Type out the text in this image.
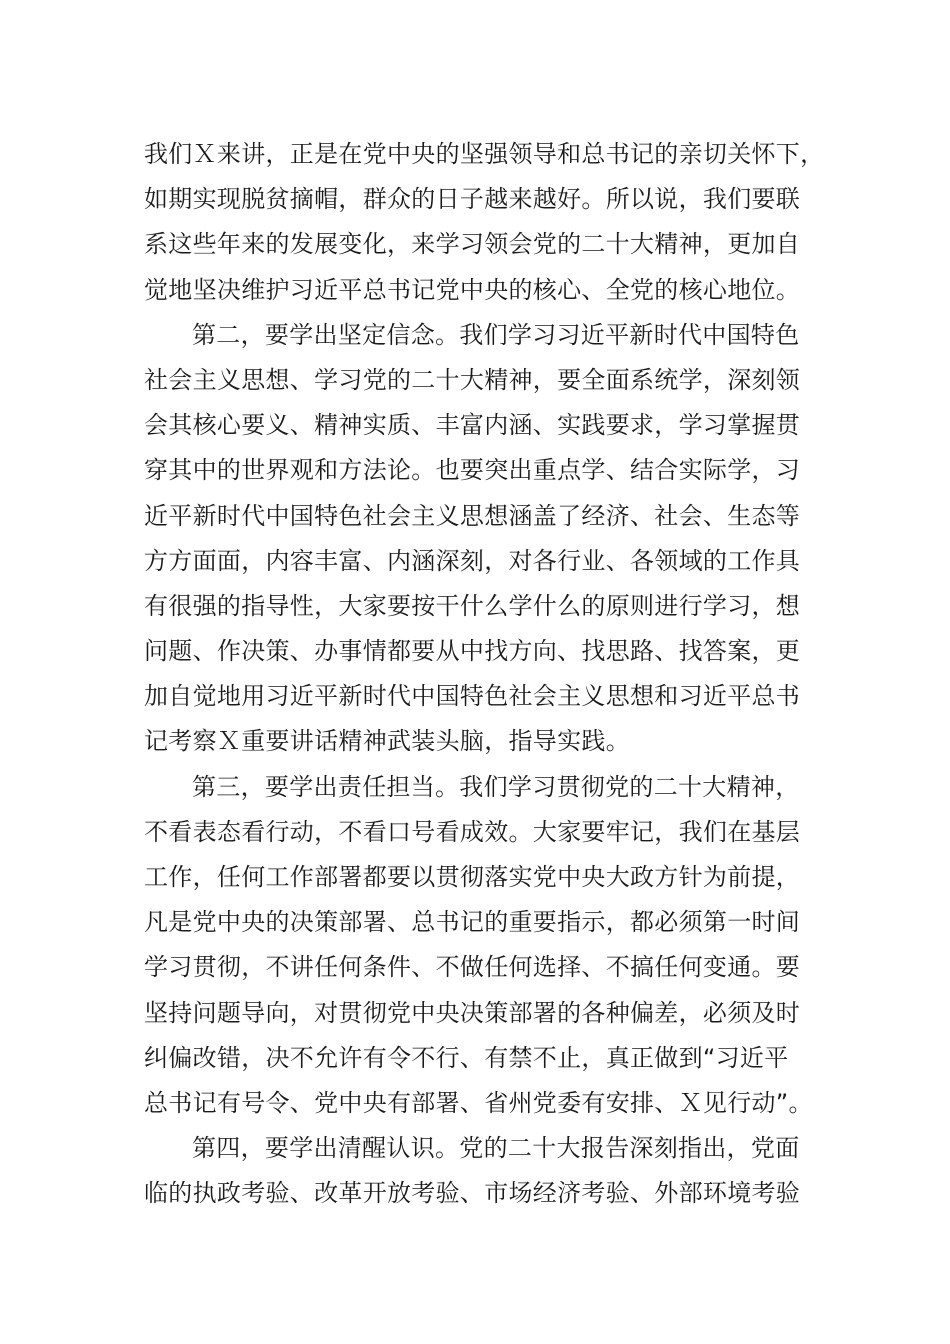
我们Ｘ来讲，正是在党中央的坚强领导和总书记的亲切关怀下，
如期实现脱贫摘帽，群众的日子越来越好。所以说，我们要联
系这些年来的发展变化，来学习领会党的二十大精神，更加自
觉地坚决维护习近平总书记党中央的核心、全党的核心地位。
第二，要学出坚定信念。我们学习习近平新时代中国特色
社会主义思想、学习党的二十大精神，要全面系统学，深刻领
会其核心要义、精神实质、丰富内涵、实践要求，学习掌握贯
穿其中的世界观和方法论。也要突出重点学、结合实际学，习
近平新时代中国特色社会主义思想涵盖了经济、社会、生态等
方方面面，内容丰富、内涵深刻，对各行业、各领域的工作具
有很强的指导性，大家要按干什么学什么的原则进行学习，想
问题、作决策、办事情都要从中找方向、找思路、找答案，更
加自觉地用习近平新时代中国特色社会主义思想和习近平总书
记考察Ｘ重要讲话精神武装头脑，指导实践。
第三，要学出责任担当。我们学习贯彻党的二十大精神，
不看表态看行动，不看口号看成效。大家要牢记，我们在基层
工作，任何工作部署都要以贯彻落实党中央大政方针为前提，
凡是党中央的决策部署、总书记的重要指示，都必须第一时间
学习贯彻，不讲任何条件、不做任何选择、不搞任何变通。要
坚持问题导向，对贯彻党中央决策部署的各种偏差，必须及时
纠偏改错，决不允许有令不行、有禁不止，真正做到“习近平
总书记有号令、党中央有部署、省州党委有安排、Ｘ见行动”。
第四，要学出清醒认识。党的二十大报告深刻指出，党面
临的执政考验、改革开放考验、市场经济考验、外部环境考验
